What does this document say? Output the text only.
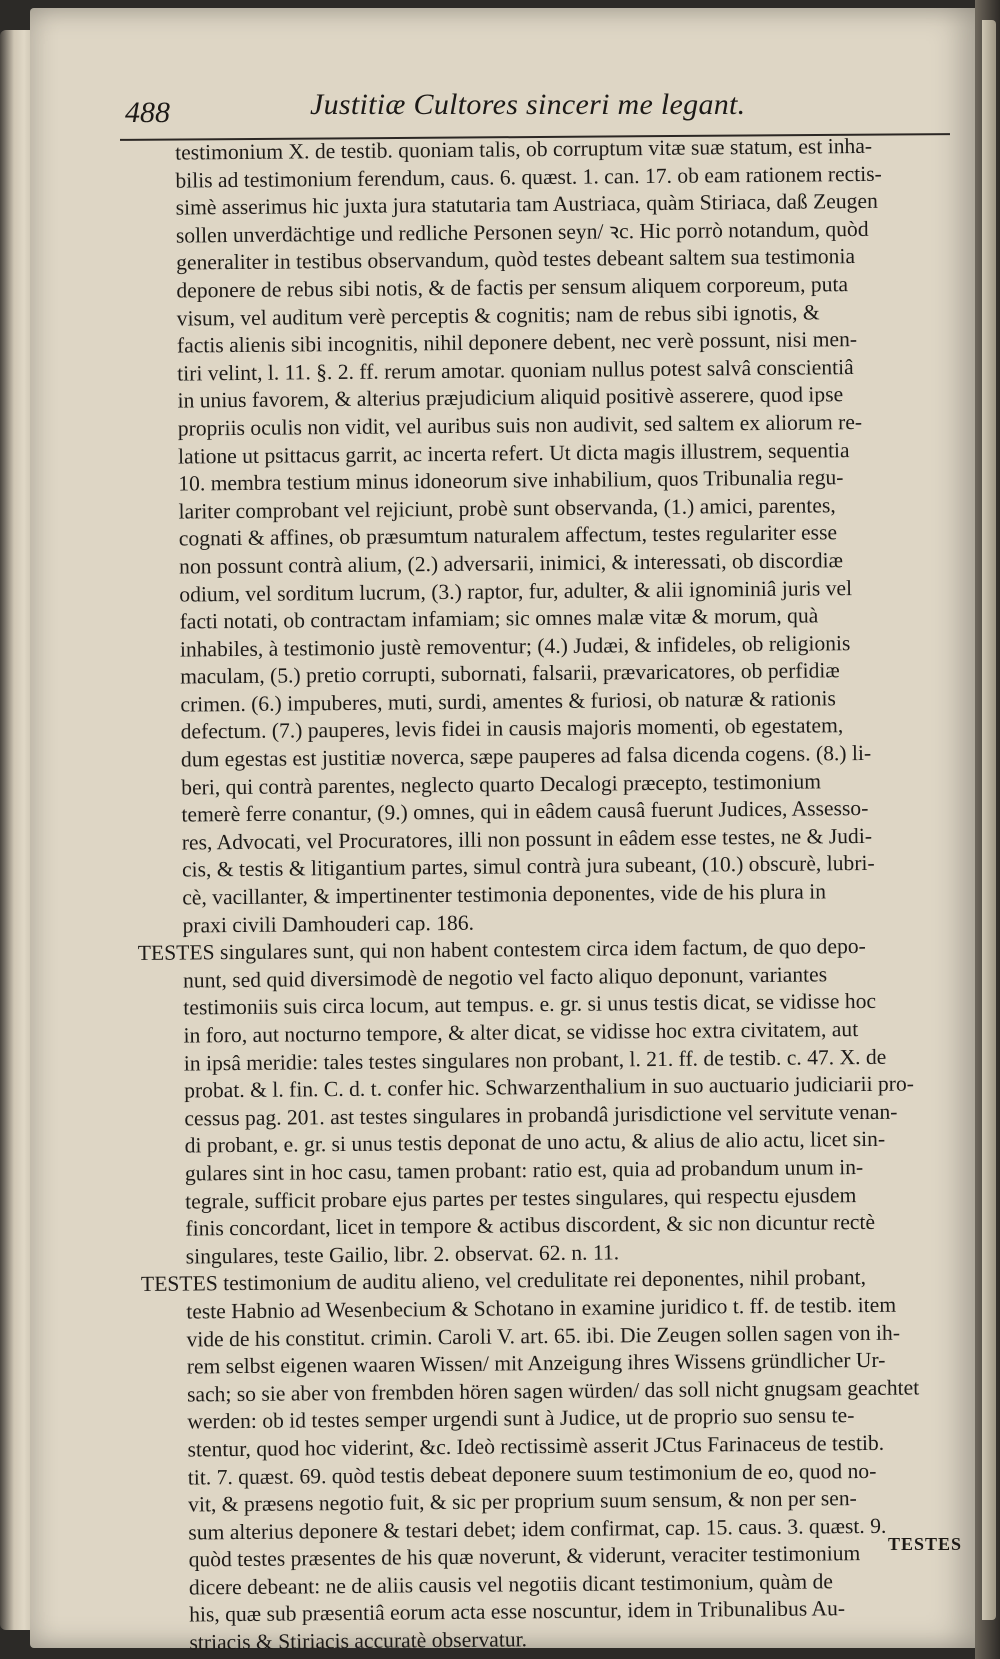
488	Justitiæ Cultores sinceri me legant.
testimonium X. de testib. quoniam talis, ob corruptum vitæ suæ statum, est inha-
bilis ad testimonium ferendum, caus. 6. quæst. 1. can. 17. ob eam rationem rectis-
simè asserimus hic juxta jura statutaria tam Austriaca, quàm Stiriaca, daß Zeugen
sollen unverdächtige und redliche Personen seyn/ ꝛc. Hic porrò notandum, quòd
generaliter in testibus observandum, quòd testes debeant saltem sua testimonia
deponere de rebus sibi notis, & de factis per sensum aliquem corporeum, puta
visum, vel auditum verè perceptis & cognitis; nam de rebus sibi ignotis, &
factis alienis sibi incognitis, nihil deponere debent, nec verè possunt, nisi men-
tiri velint, l. 11. §. 2. ff. rerum amotar. quoniam nullus potest salvâ conscientiâ
in unius favorem, & alterius præjudicium aliquid positivè asserere, quod ipse
propriis oculis non vidit, vel auribus suis non audivit, sed saltem ex aliorum re-
latione ut psittacus garrit, ac incerta refert. Ut dicta magis illustrem, sequentia
10. membra testium minus idoneorum sive inhabilium, quos Tribunalia regu-
lariter comprobant vel rejiciunt, probè sunt observanda, (1.) amici, parentes,
cognati & affines, ob præsumtum naturalem affectum, testes regulariter esse
non possunt contrà alium, (2.) adversarii, inimici, & interessati, ob discordiæ
odium, vel sorditum lucrum, (3.) raptor, fur, adulter, & alii ignominiâ juris vel
facti notati, ob contractam infamiam; sic omnes malæ vitæ & morum, quà
inhabiles, à testimonio justè removentur; (4.) Judæi, & infideles, ob religionis
maculam, (5.) pretio corrupti, subornati, falsarii, prævaricatores, ob perfidiæ
crimen. (6.) impuberes, muti, surdi, amentes & furiosi, ob naturæ & rationis
defectum. (7.) pauperes, levis fidei in causis majoris momenti, ob egestatem,
dum egestas est justitiæ noverca, sæpe pauperes ad falsa dicenda cogens. (8.) li-
beri, qui contrà parentes, neglecto quarto Decalogi præcepto, testimonium
temerè ferre conantur, (9.) omnes, qui in eâdem causâ fuerunt Judices, Assesso-
res, Advocati, vel Procuratores, illi non possunt in eâdem esse testes, ne & Judi-
cis, & testis & litigantium partes, simul contrà jura subeant, (10.) obscurè, lubri-
cè, vacillanter, & impertinenter testimonia deponentes, vide de his plura in
praxi civili Damhouderi cap. 186.
TESTES singulares sunt, qui non habent contestem circa idem factum, de quo depo-
nunt, sed quid diversimodè de negotio vel facto aliquo deponunt, variantes
testimoniis suis circa locum, aut tempus. e. gr. si unus testis dicat, se vidisse hoc
in foro, aut nocturno tempore, & alter dicat, se vidisse hoc extra civitatem, aut
in ipsâ meridie: tales testes singulares non probant, l. 21. ff. de testib. c. 47. X. de
probat. & l. fin. C. d. t. confer hic. Schwarzenthalium in suo auctuario judiciarii pro-
cessus pag. 201. ast testes singulares in probandâ jurisdictione vel servitute venan-
di probant, e. gr. si unus testis deponat de uno actu, & alius de alio actu, licet sin-
gulares sint in hoc casu, tamen probant: ratio est, quia ad probandum unum in-
tegrale, sufficit probare ejus partes per testes singulares, qui respectu ejusdem
finis concordant, licet in tempore & actibus discordent, & sic non dicuntur rectè
singulares, teste Gailio, libr. 2. observat. 62. n. 11.
TESTES testimonium de auditu alieno, vel credulitate rei deponentes, nihil probant,
teste Habnio ad Wesenbecium & Schotano in examine juridico t. ff. de testib. item
vide de his constitut. crimin. Caroli V. art. 65. ibi. Die Zeugen sollen sagen von ih-
rem selbst eigenen waaren Wissen/ mit Anzeigung ihres Wissens gründlicher Ur-
sach; so sie aber von frembden hören sagen würden/ das soll nicht gnugsam geachtet
werden: ob id testes semper urgendi sunt à Judice, ut de proprio suo sensu te-
stentur, quod hoc viderint, &c. Ideò rectissimè asserit JCtus Farinaceus de testib.
tit. 7. quæst. 69. quòd testis debeat deponere suum testimonium de eo, quod no-
vit, & præsens negotio fuit, & sic per proprium suum sensum, & non per sen-
sum alterius deponere & testari debet; idem confirmat, cap. 15. caus. 3. quæst. 9.
quòd testes præsentes de his quæ noverunt, & viderunt, veraciter testimonium
dicere debeant: ne de aliis causis vel negotiis dicant testimonium, quàm de
his, quæ sub præsentiâ eorum acta esse noscuntur, idem in Tribunalibus Au-
striacis & Stiriacis accuratè observatur.
TESTES
